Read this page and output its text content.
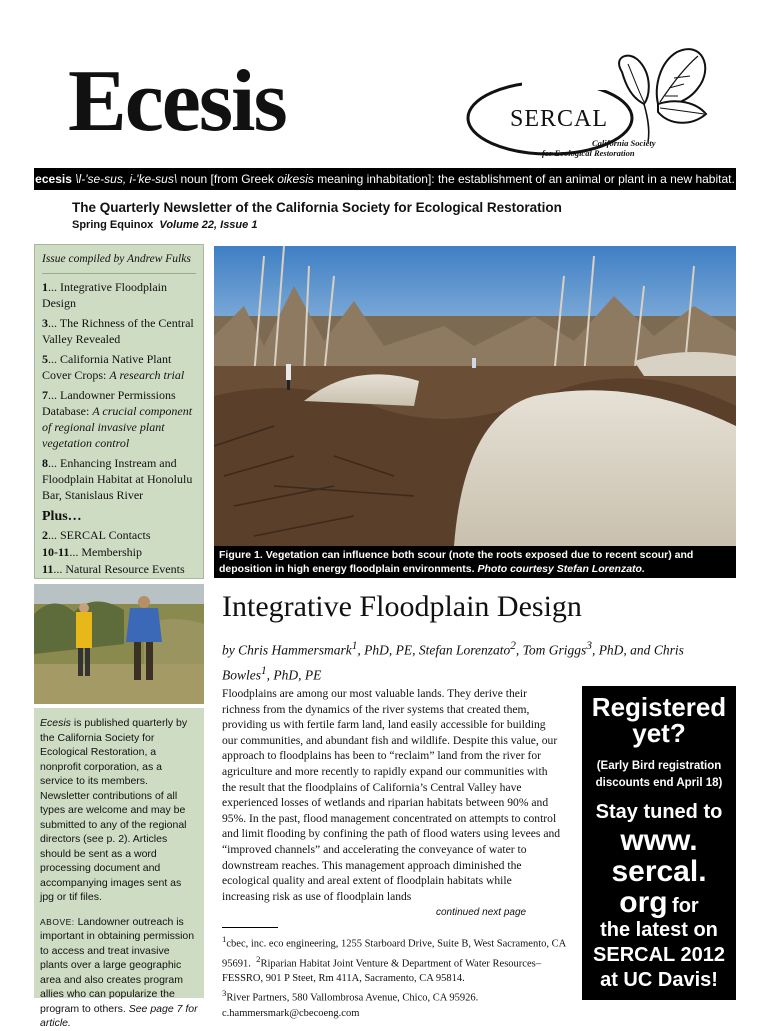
Ecesis	SERCAL
California Society
for Ecological Restoration
ecesis \l-'se-sus, i-'ke-sus\ noun [from Greek oikesis meaning inhabitation]: the establishment of an animal or plant in a new habitat.
The Quarterly Newsletter of the California Society for Ecological Restoration
Spring Equinox Volume 22, Issue 1
Issue compiled by Andrew Fulks
1... Integrative Floodplain Design
3... The Richness of the Central Valley Revealed
5... California Native Plant Cover Crops: A research trial
7... Landowner Permissions Database: A crucial component of regional invasive plant vegetation control
8... Enhancing Instream and Floodplain Habitat at Honolulu Bar, Stanislaus River
Plus…
2... SERCAL Contacts
10-11... Membership
11... Natural Resource Events
Figure 1. Vegetation can influence both scour (note the roots exposed due to recent scour) and deposition in high energy floodplain environments. Photo courtesy Stefan Lorenzato.
Ecesis is published quarterly by the California Society for Ecological Restoration, a nonprofit corporation, as a service to its members. Newsletter contributions of all types are welcome and may be submitted to any of the regional directors (see p. 2). Articles should be sent as a word processing document and accompanying images sent as jpg or tif files.
ABOVE: Landowner outreach is important in obtaining permission to access and treat invasive plants over a large geographic area and also creates program allies who can popularize the program to others. See page 7 for article.
Integrative Floodplain Design
by Chris Hammersmark$^1$, PhD, PE, Stefan Lorenzato$^2$, Tom Griggs$^3$, PhD, and Chris Bowles$^1$, PhD, PE
Floodplains are among our most valuable lands. They derive their richness from the dynamics of the river systems that created them, providing us with fertile farm land, land easily accessible for building our communities, and abundant fish and wildlife. Despite this value, our approach to floodplains has been to “reclaim” land from the river for agriculture and more recently to rapidly expand our communities with the result that the floodplains of California’s Central Valley have experienced losses of wetlands and riparian habitats between 90% and 95%. In the past, flood management concentrated on attempts to control and limit flooding by confining the path of flood waters using levees and “improved channels” and accelerating the conveyance of water to downstream reaches. This management approach diminished the ecological quality and areal extent of floodplain habitats while increasing risk as use of floodplain lands
continued next page
$^1$cbec, inc. eco engineering, 1255 Starboard Drive, Suite B, West Sacramento, CA 95691. $^2$Riparian Habitat Joint Venture & Department of Water Resources–FESSRO, 901 P Steet, Rm 411A, Sacramento, CA 95814.
$^3$River Partners, 580 Vallombrosa Avenue, Chico, CA 95926.
c.hammersmark@cbecoeng.com
Registered
yet?
(Early Bird registration
discounts end April 18)
Stay tuned to
www.
sercal.
org for
the latest on
SERCAL 2012
at UC Davis!
